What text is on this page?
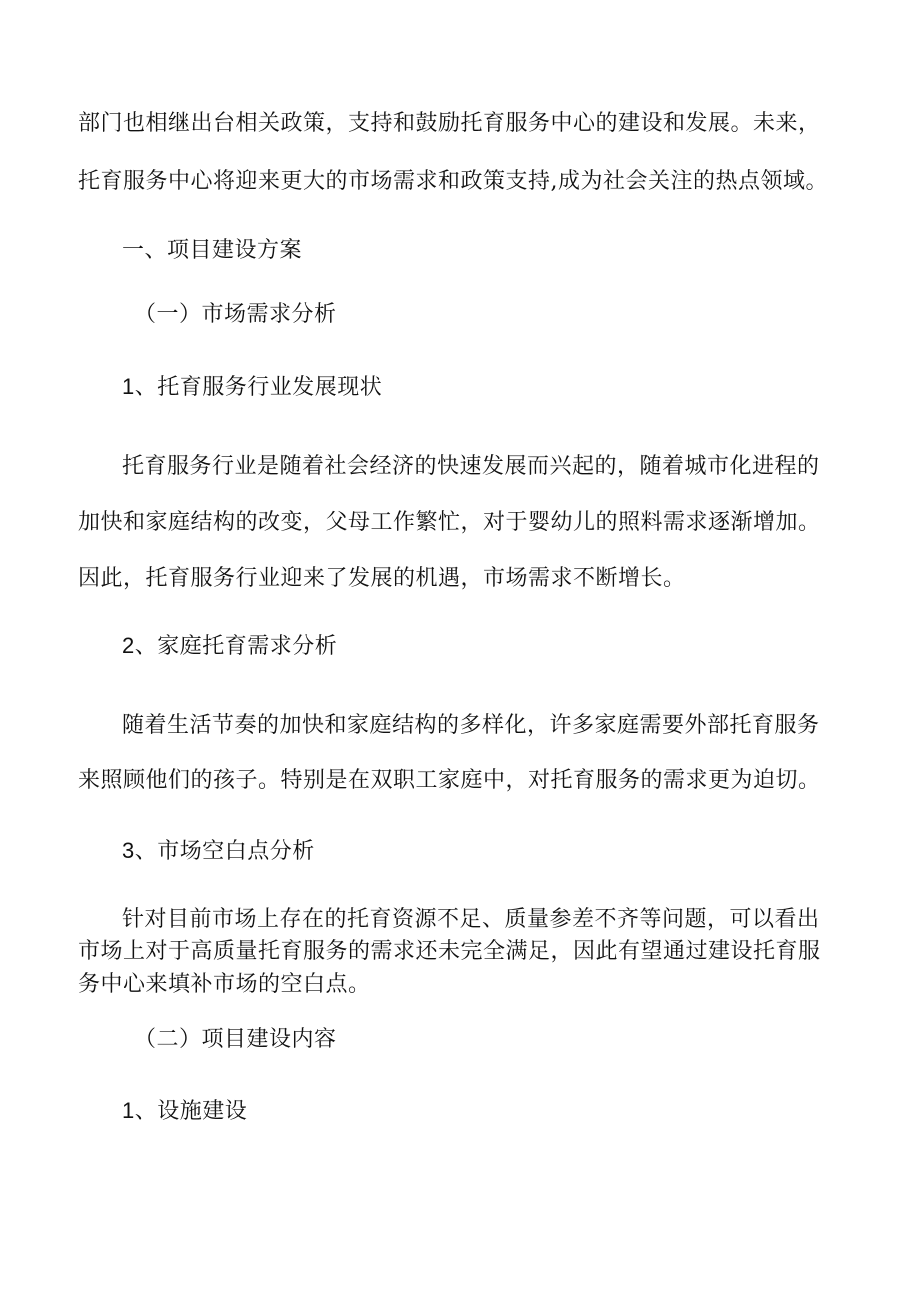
部门也相继出台相关政策，支持和鼓励托育服务中心的建设和发展。未来，
托育服务中心将迎来更大的市场需求和政策支持,成为社会关注的热点领域。
一、项目建设方案
（一）市场需求分析
1、托育服务行业发展现状
托育服务行业是随着社会经济的快速发展而兴起的，随着城市化进程的
加快和家庭结构的改变，父母工作繁忙，对于婴幼儿的照料需求逐渐增加。
因此，托育服务行业迎来了发展的机遇，市场需求不断增长。
2、家庭托育需求分析
随着生活节奏的加快和家庭结构的多样化，许多家庭需要外部托育服务
来照顾他们的孩子。特别是在双职工家庭中，对托育服务的需求更为迫切。
3、市场空白点分析
针对目前市场上存在的托育资源不足、质量参差不齐等问题，可以看出
市场上对于高质量托育服务的需求还未完全满足，因此有望通过建设托育服
务中心来填补市场的空白点。
（二）项目建设内容
1、设施建设
